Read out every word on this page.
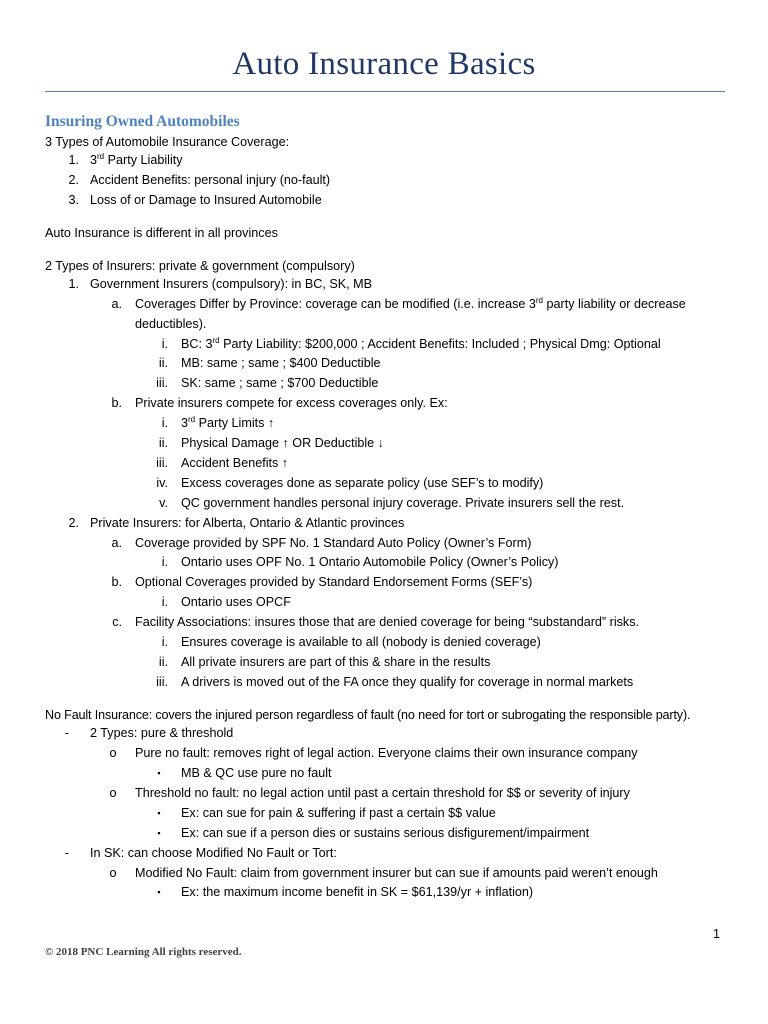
Auto Insurance Basics
Insuring Owned Automobiles
3 Types of Automobile Insurance Coverage:
1. 3rd Party Liability
2. Accident Benefits: personal injury (no-fault)
3. Loss of or Damage to Insured Automobile
Auto Insurance is different in all provinces
2 Types of Insurers: private & government (compulsory)
1. Government Insurers (compulsory): in BC, SK, MB
a. Coverages Differ by Province: coverage can be modified (i.e. increase 3rd party liability or decrease
deductibles).
i. BC: 3rd Party Liability: $200,000 ; Accident Benefits: Included ; Physical Dmg: Optional
ii. MB: same ; same ; $400 Deductible
iii. SK: same ; same ; $700 Deductible
b. Private insurers compete for excess coverages only. Ex:
i. 3rd Party Limits ↑
ii. Physical Damage ↑ OR Deductible ↓
iii. Accident Benefits ↑
iv. Excess coverages done as separate policy (use SEF’s to modify)
v. QC government handles personal injury coverage. Private insurers sell the rest.
2. Private Insurers: for Alberta, Ontario & Atlantic provinces
a. Coverage provided by SPF No. 1 Standard Auto Policy (Owner’s Form)
i. Ontario uses OPF No. 1 Ontario Automobile Policy (Owner’s Policy)
b. Optional Coverages provided by Standard Endorsement Forms (SEF’s)
i. Ontario uses OPCF
c. Facility Associations: insures those that are denied coverage for being “substandard” risks.
i. Ensures coverage is available to all (nobody is denied coverage)
ii. All private insurers are part of this & share in the results
iii. A drivers is moved out of the FA once they qualify for coverage in normal markets
No Fault Insurance: covers the injured person regardless of fault (no need for tort or subrogating the responsible party).
-	2 Types: pure & threshold
o Pure no fault: removes right of legal action. Everyone claims their own insurance company
▪	MB & QC use pure no fault
o Threshold no fault: no legal action until past a certain threshold for $$ or severity of injury
▪	Ex: can sue for pain & suffering if past a certain $$ value
▪	Ex: can sue if a person dies or sustains serious disfigurement/impairment
-	In SK: can choose Modified No Fault or Tort:
o Modified No Fault: claim from government insurer but can sue if amounts paid weren’t enough
▪	Ex: the maximum income benefit in SK = $61,139/yr + inflation)
1
© 2018 PNC Learning All rights reserved.
